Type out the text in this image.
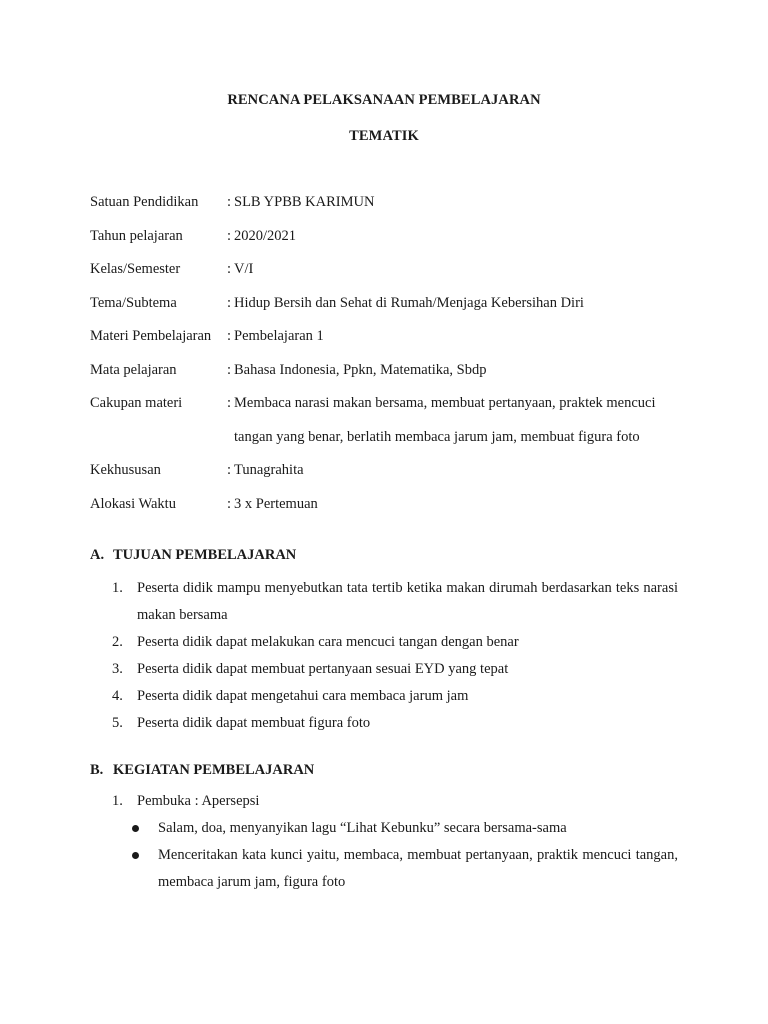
RENCANA PELAKSANAAN PEMBELAJARAN
TEMATIK
Satuan Pendidikan : SLB YPBB KARIMUN
Tahun pelajaran	: 2020/2021
Kelas/Semester	: V/I
Tema/Subtema	: Hidup Bersih dan Sehat di Rumah/Menjaga Kebersihan Diri
Materi Pembelajaran : Pembelajaran 1
Mata pelajaran	: Bahasa Indonesia, Ppkn, Matematika, Sbdp
Cakupan materi	: Membaca narasi makan bersama, membuat pertanyaan, praktek mencuci tangan yang benar, berlatih membaca jarum jam, membuat figura foto
Kekhususan	: Tunagrahita
Alokasi Waktu	: 3 x Pertemuan
A. TUJUAN PEMBELAJARAN
1. Peserta didik mampu menyebutkan tata tertib ketika makan dirumah berdasarkan teks narasi makan bersama
2. Peserta didik dapat melakukan cara mencuci tangan dengan benar
3. Peserta didik dapat membuat pertanyaan sesuai EYD yang tepat
4. Peserta didik dapat mengetahui cara membaca jarum jam
5. Peserta didik dapat membuat figura foto
B. KEGIATAN PEMBELAJARAN
1. Pembuka : Apersepsi
Salam, doa, menyanyikan lagu “Lihat Kebunku” secara bersama-sama
Menceritakan kata kunci yaitu, membaca, membuat pertanyaan, praktik mencuci tangan, membaca jarum jam, figura foto
